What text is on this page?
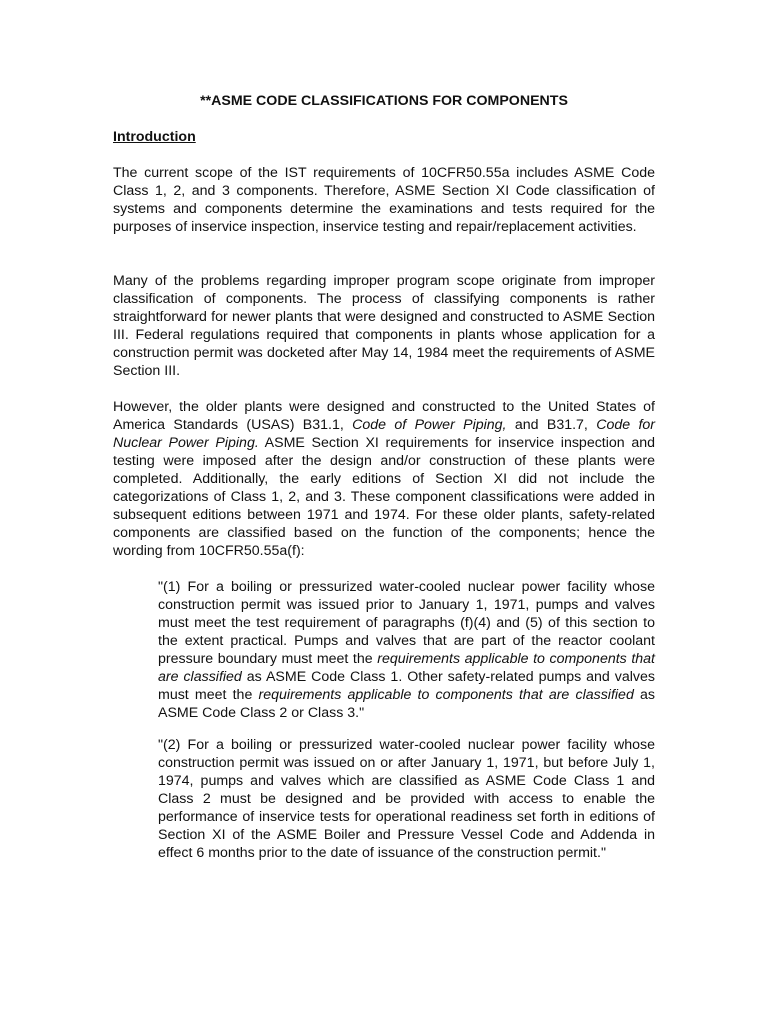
**ASME CODE CLASSIFICATIONS FOR COMPONENTS

Introduction

The current scope of the IST requirements of 10CFR50.55a includes ASME Code Class 1, 2, and 3 components. Therefore, ASME Section XI Code classification of systems and components determine the examinations and tests required for the purposes of inservice inspection, inservice testing and repair/replacement activities.

Many of the problems regarding improper program scope originate from improper classification of components. The process of classifying components is rather straightforward for newer plants that were designed and constructed to ASME Section III. Federal regulations required that components in plants whose application for a construction permit was docketed after May 14, 1984 meet the requirements of ASME Section III.

However, the older plants were designed and constructed to the United States of America Standards (USAS) B31.1, Code of Power Piping, and B31.7, Code for Nuclear Power Piping. ASME Section XI requirements for inservice inspection and testing were imposed after the design and/or construction of these plants were completed. Additionally, the early editions of Section XI did not include the categorizations of Class 1, 2, and 3. These component classifications were added in subsequent editions between 1971 and 1974. For these older plants, safety-related components are classified based on the function of the components; hence the wording from 10CFR50.55a(f):

"(1) For a boiling or pressurized water-cooled nuclear power facility whose construction permit was issued prior to January 1, 1971, pumps and valves must meet the test requirement of paragraphs (f)(4) and (5) of this section to the extent practical. Pumps and valves that are part of the reactor coolant pressure boundary must meet the requirements applicable to components that are classified as ASME Code Class 1. Other safety-related pumps and valves must meet the requirements applicable to components that are classified as ASME Code Class 2 or Class 3."

"(2) For a boiling or pressurized water-cooled nuclear power facility whose construction permit was issued on or after January 1, 1971, but before July 1, 1974, pumps and valves which are classified as ASME Code Class 1 and Class 2 must be designed and be provided with access to enable the performance of inservice tests for operational readiness set forth in editions of Section XI of the ASME Boiler and Pressure Vessel Code and Addenda in effect 6 months prior to the date of issuance of the construction permit."
